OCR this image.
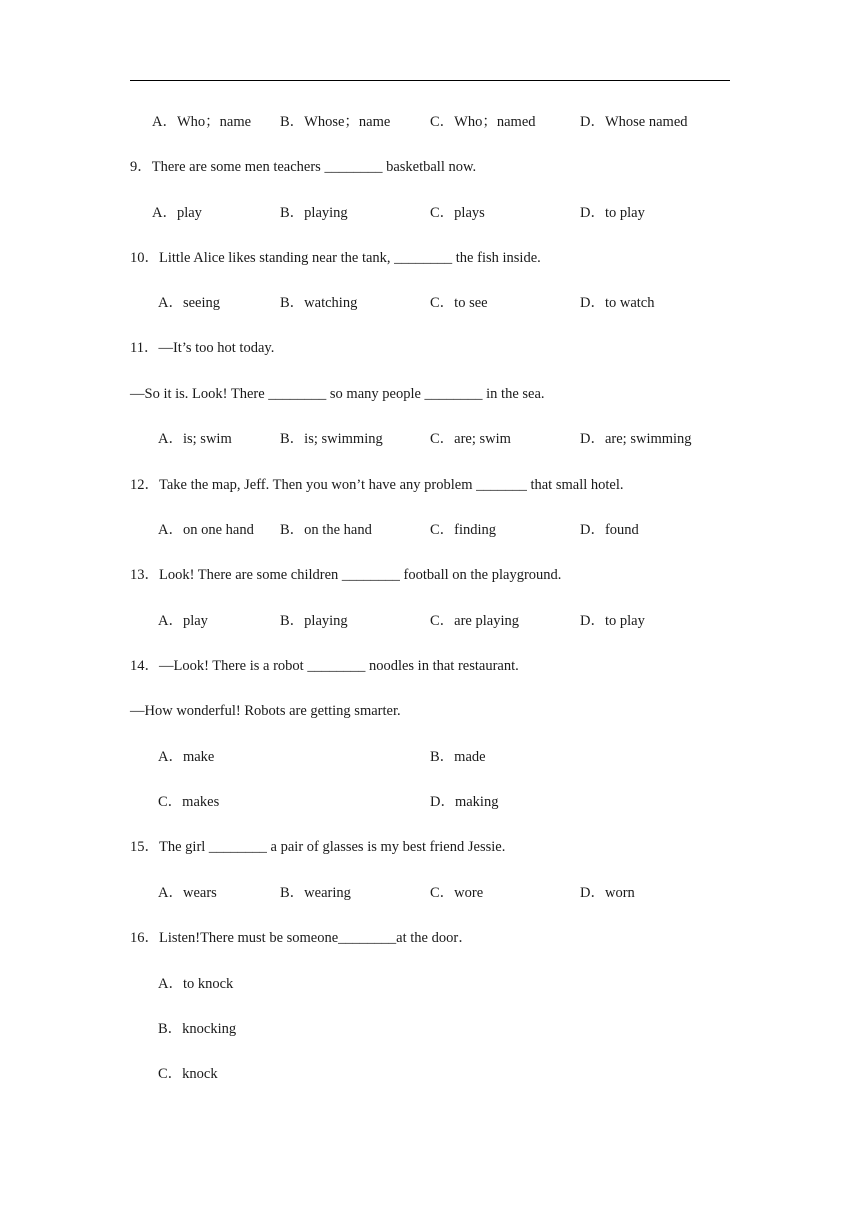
A．Who；name B．Whose；name	C．Who；named	D．Whose named
9．There are some men teachers ________ basketball now.
A．play	B．playing	C．plays	D．to play
10．Little Alice likes standing near the tank, ________ the fish inside.
A．seeing	B．watching	C．to see	D．to watch
11．—It’s too hot today.
—So it is. Look! There ________ so many people ________ in the sea.
A．is; swim	B．is; swimming	C．are; swim	D．are; swimming
12．Take the map, Jeff. Then you won’t have any problem _______ that small hotel.
A．on one hand B．on the hand	C．finding	D．found
13．Look! There are some children ________ football on the playground.
A．play	B．playing	C．are playing	D．to play
14．—Look! There is a robot ________ noodles in that restaurant.
—How wonderful! Robots are getting smarter.
A．make	B．made
C．makes	D．making
15．The girl ________ a pair of glasses is my best friend Jessie.
A．wears	B．wearing	C．wore	D．worn
16．Listen!There must be someone________at the door．
A．to knock
B．knocking
C．knock
